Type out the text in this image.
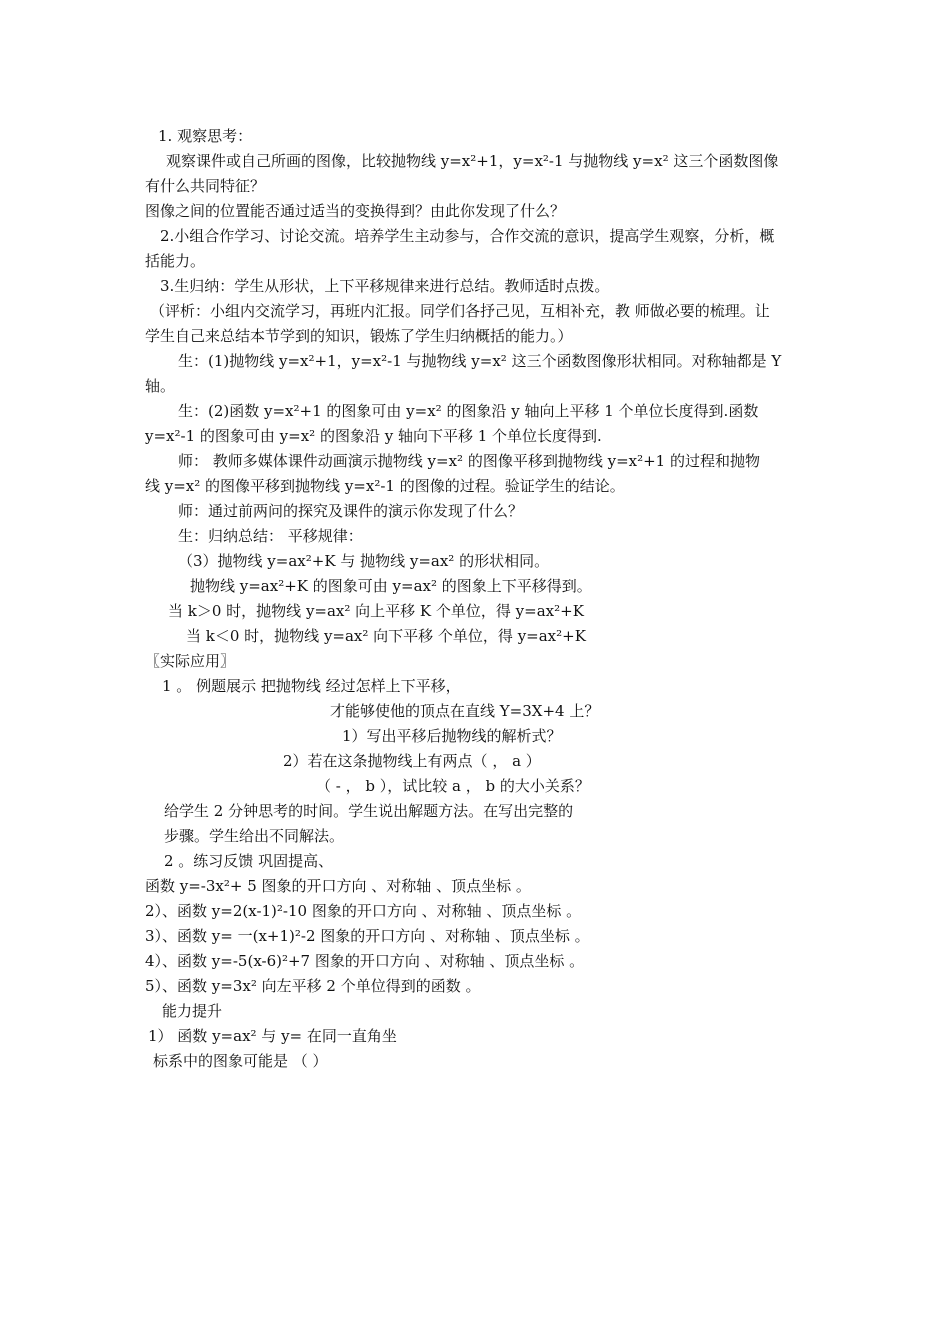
1. 观察思考：
观察课件或自己所画的图像，比较抛物线 y=x²+1，y=x²-1 与抛物线 y=x² 这三个函数图像
有什么共同特征？
图像之间的位置能否通过适当的变换得到？由此你发现了什么？
2.小组合作学习、讨论交流。培养学生主动参与，合作交流的意识，提高学生观察，分析，概
括能力。
3.生归纳：学生从形状，上下平移规律来进行总结。教师适时点拨。
（评析：小组内交流学习，再班内汇报。同学们各抒己见，互相补充，教 师做必要的梳理。让
学生自己来总结本节学到的知识，锻炼了学生归纳概括的能力。）
生：(1)抛物线 y=x²+1，y=x²-1 与抛物线 y=x² 这三个函数图像形状相同。对称轴都是 Y
轴。
生：(2)函数 y=x²+1 的图象可由 y=x² 的图象沿 y 轴向上平移 1 个单位长度得到.函数
y=x²-1 的图象可由 y=x² 的图象沿 y 轴向下平移 1 个单位长度得到.
师： 教师多媒体课件动画演示抛物线 y=x² 的图像平移到抛物线 y=x²+1 的过程和抛物
线 y=x² 的图像平移到抛物线 y=x²-1 的图像的过程。验证学生的结论。
师：通过前两问的探究及课件的演示你发现了什么？
生：归纳总结： 平移规律：
（3）抛物线 y=ax²+K 与 抛物线 y=ax² 的形状相同。
抛物线 y=ax²+K 的图象可由 y=ax² 的图象上下平移得到。
当 k＞0 时，抛物线 y=ax² 向上平移 K 个单位，得 y=ax²+K
当 k＜0 时，抛物线 y=ax² 向下平移 个单位，得 y=ax²+K
〖实际应用〗
1 。 例题展示 把抛物线 经过怎样上下平移，
才能够使他的顶点在直线 Y=3X+4 上？
1）写出平移后抛物线的解析式？
2）若在这条抛物线上有两点（ ， a ）
（ - ， b ），试比较 a ， b 的大小关系？
给学生 2 分钟思考的时间。学生说出解题方法。在写出完整的
步骤。学生给出不同解法。
2 。练习反馈 巩固提高、
函数 y=-3x²+ 5 图象的开口方向 、对称轴 、顶点坐标 。
2）、函数 y=2(x-1)²-10 图象的开口方向 、对称轴 、顶点坐标 。
3）、函数 y= 一(x+1)²-2 图象的开口方向 、对称轴 、顶点坐标 。
4）、函数 y=-5(x-6)²+7 图象的开口方向 、对称轴 、顶点坐标 。
5）、函数 y=3x² 向左平移 2 个单位得到的函数 。
能力提升
1） 函数 y=ax² 与 y= 在同一直角坐
标系中的图象可能是 （ ）
